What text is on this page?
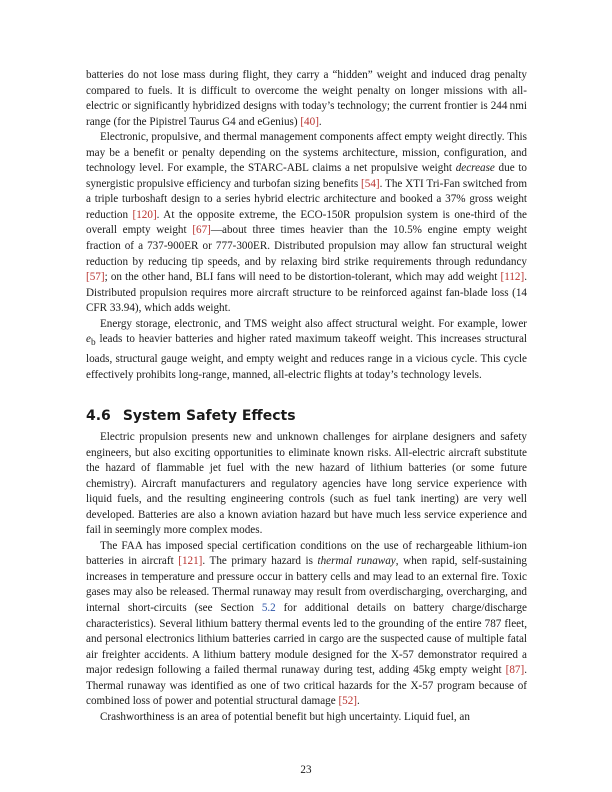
batteries do not lose mass during flight, they carry a “hidden” weight and induced drag penalty compared to fuels. It is difficult to overcome the weight penalty on longer missions with all-electric or significantly hybridized designs with today’s technology; the current frontier is 244 nmi range (for the Pipistrel Taurus G4 and eGenius) [40].

Electronic, propulsive, and thermal management components affect empty weight directly. This may be a benefit or penalty depending on the systems architecture, mission, configuration, and technology level. For example, the STARC-ABL claims a net propulsive weight decrease due to synergistic propulsive efficiency and turbofan sizing benefits [54]. The XTI Tri-Fan switched from a triple turboshaft design to a series hybrid electric architecture and booked a 37% gross weight reduction [120]. At the opposite extreme, the ECO-150R propulsion system is one-third of the overall empty weight [67]—about three times heavier than the 10.5% engine empty weight fraction of a 737-900ER or 777-300ER. Distributed propulsion may allow fan structural weight reduction by reducing tip speeds, and by relaxing bird strike requirements through redundancy [57]; on the other hand, BLI fans will need to be distortion-tolerant, which may add weight [112]. Distributed propulsion requires more aircraft structure to be reinforced against fan-blade loss (14 CFR 33.94), which adds weight.

Energy storage, electronic, and TMS weight also affect structural weight. For example, lower $e_b$ leads to heavier batteries and higher rated maximum takeoff weight. This increases structural loads, structural gauge weight, and empty weight and reduces range in a vicious cycle. This cycle effectively prohibits long-range, manned, all-electric flights at today’s technology levels.

4.6 System Safety Effects

Electric propulsion presents new and unknown challenges for airplane designers and safety engineers, but also exciting opportunities to eliminate known risks. All-electric aircraft substitute the hazard of flammable jet fuel with the new hazard of lithium batteries (or some future chemistry). Aircraft manufacturers and regulatory agencies have long service experience with liquid fuels, and the resulting engineering controls (such as fuel tank inerting) are very well developed. Batteries are also a known aviation hazard but have much less service experience and fail in seemingly more complex modes.

The FAA has imposed special certification conditions on the use of rechargeable lithium-ion batteries in aircraft [121]. The primary hazard is thermal runaway, when rapid, self-sustaining increases in temperature and pressure occur in battery cells and may lead to an external fire. Toxic gases may also be released. Thermal runaway may result from overdischarging, overcharging, and internal short-circuits (see Section 5.2 for additional details on battery charge/discharge characteristics). Several lithium battery thermal events led to the grounding of the entire 787 fleet, and personal electronics lithium batteries carried in cargo are the suspected cause of multiple fatal air freighter accidents. A lithium battery module designed for the X-57 demonstrator required a major redesign following a failed thermal runaway during test, adding 45kg empty weight [87]. Thermal runaway was identified as one of two critical hazards for the X-57 program because of combined loss of power and potential structural damage [52].

Crashworthiness is an area of potential benefit but high uncertainty. Liquid fuel, an

23
